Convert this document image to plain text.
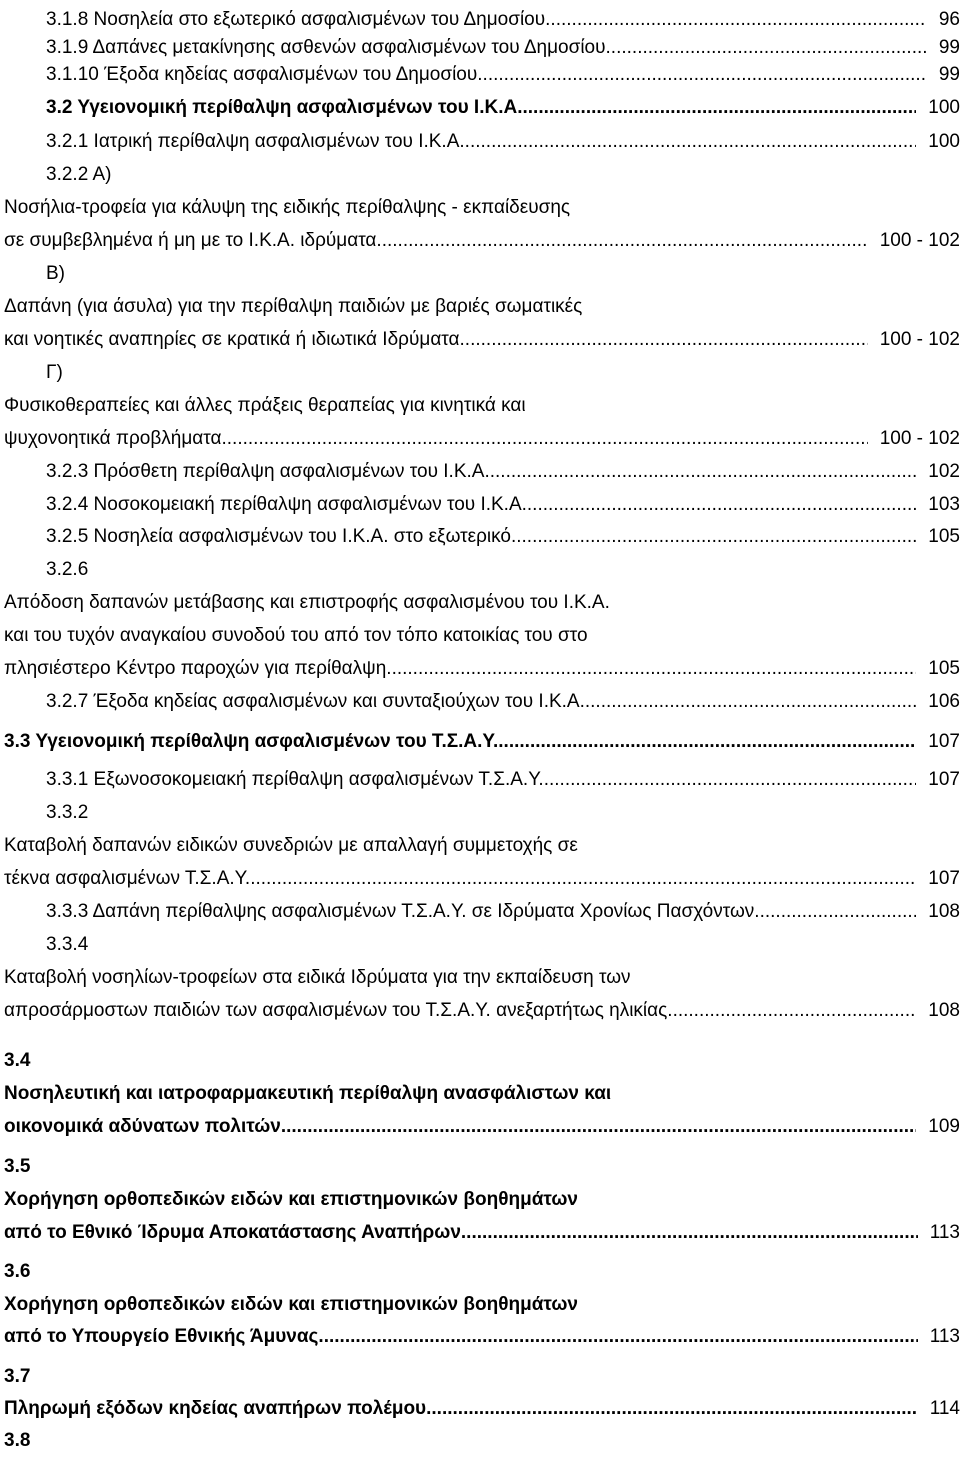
3.1.8 Νοσηλεία στο εξωτερικό ασφαλισμένων του Δημοσίου. .....	96
3.1.9 Δαπάνες μετακίνησης ασθενών ασφαλισμένων του Δημοσίου. .....	99
3.1.10 Έξοδα κηδείας ασφαλισμένων του Δημοσίου. .....	99
3.2 Υγειονομική περίθαλψη ασφαλισμένων του Ι.Κ.Α. .....	100
3.2.1 Ιατρική περίθαλψη ασφαλισμένων του Ι.Κ.Α. .....	100
3.2.2 Α)
Νοσήλια-τροφεία για κάλυψη της ειδικής περίθαλψης - εκπαίδευσης
σε συμβεβλημένα ή μη με το Ι.Κ.Α. ιδρύματα. .....	100 - 102
Β)
Δαπάνη (για άσυλα) για την περίθαλψη παιδιών με βαριές σωματικές
και νοητικές αναπηρίες σε κρατικά ή ιδιωτικά Ιδρύματα. .....	100 - 102
Γ)
Φυσικοθεραπείες και άλλες πράξεις θεραπείας για κινητικά και
ψυχονοητικά προβλήματα. .....	100 - 102
3.2.3 Πρόσθετη περίθαλψη ασφαλισμένων του Ι.Κ.Α. .....	102
3.2.4 Νοσοκομειακή περίθαλψη ασφαλισμένων του Ι.Κ.Α. .....	103
3.2.5 Νοσηλεία ασφαλισμένων του Ι.Κ.Α. στο εξωτερικό. .....	105
3.2.6
Απόδοση δαπανών μετάβασης και επιστροφής ασφαλισμένου του Ι.Κ.Α.
και του τυχόν αναγκαίου συνοδού του από τον τόπο κατοικίας του στο
πλησιέστερο Κέντρο παροχών για περίθαλψη. .....	105
3.2.7 Έξοδα κηδείας ασφαλισμένων και συνταξιούχων του Ι.Κ.Α. .....	106
3.3 Υγειονομική περίθαλψη ασφαλισμένων του Τ.Σ.Α.Υ. .....	107
3.3.1 Εξωνοσοκομειακή περίθαλψη ασφαλισμένων Τ.Σ.Α.Υ. .....	107
3.3.2
Καταβολή δαπανών ειδικών συνεδριών με απαλλαγή συμμετοχής σε
τέκνα ασφαλισμένων Τ.Σ.Α.Υ. .....	107
3.3.3 Δαπάνη περίθαλψης ασφαλισμένων Τ.Σ.Α.Υ. σε Ιδρύματα Χρονίως Πασχόντων. .....	108
3.3.4
Καταβολή νοσηλίων-τροφείων στα ειδικά Ιδρύματα για την εκπαίδευση των
απροσάρμοστων παιδιών των ασφαλισμένων του Τ.Σ.Α.Υ. ανεξαρτήτως ηλικίας. .....	108
3.4
Νοσηλευτική και ιατροφαρμακευτική περίθαλψη ανασφάλιστων και
οικονομικά αδύνατων πολιτών. .....	109
3.5
Χορήγηση ορθοπεδικών ειδών και επιστημονικών βοηθημάτων
από το Εθνικό Ίδρυμα Αποκατάστασης Αναπήρων. .....	113
3.6
Χορήγηση ορθοπεδικών ειδών και επιστημονικών βοηθημάτων
από το Υπουργείο Εθνικής Άμυνας. .....	113
3.7
Πληρωμή εξόδων κηδείας αναπήρων πολέμου. .....	114
3.8
